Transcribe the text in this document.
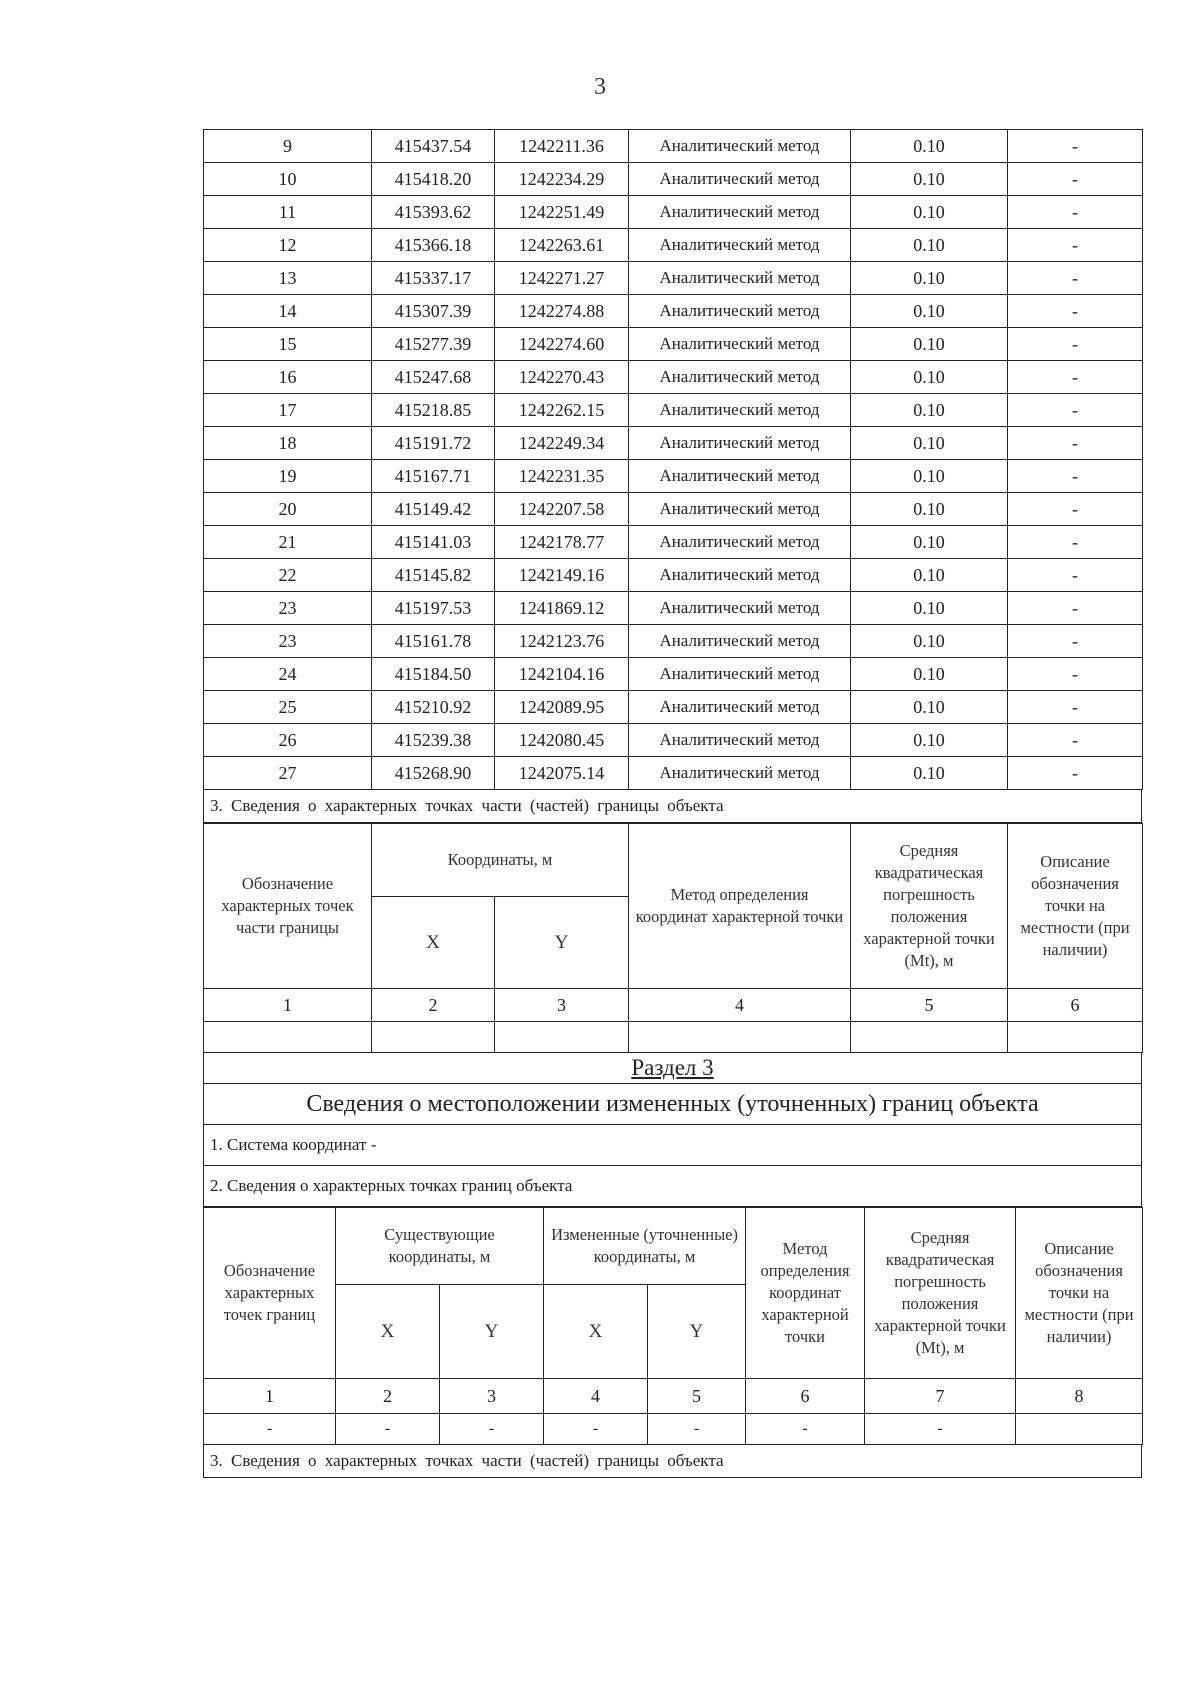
3
9	415437.54	1242211.36	Аналитический метод	0.10	-
10	415418.20	1242234.29	Аналитический метод	0.10	-
11	415393.62	1242251.49	Аналитический метод	0.10	-
12	415366.18	1242263.61	Аналитический метод	0.10	-
13	415337.17	1242271.27	Аналитический метод	0.10	-
14	415307.39	1242274.88	Аналитический метод	0.10	-
15	415277.39	1242274.60	Аналитический метод	0.10	-
16	415247.68	1242270.43	Аналитический метод	0.10	-
17	415218.85	1242262.15	Аналитический метод	0.10	-
18	415191.72	1242249.34	Аналитический метод	0.10	-
19	415167.71	1242231.35	Аналитический метод	0.10	-
20	415149.42	1242207.58	Аналитический метод	0.10	-
21	415141.03	1242178.77	Аналитический метод	0.10	-
22	415145.82	1242149.16	Аналитический метод	0.10	-
23	415197.53	1241869.12	Аналитический метод	0.10	-
23	415161.78	1242123.76	Аналитический метод	0.10	-
24	415184.50	1242104.16	Аналитический метод	0.10	-
25	415210.92	1242089.95	Аналитический метод	0.10	-
26	415239.38	1242080.45	Аналитический метод	0.10	-
27	415268.90	1242075.14	Аналитический метод	0.10	-
3. Сведения о характерных точках части (частей) границы объекта
Обозначение характерных точек части границы	Координаты, м		Метод определения координат характерной точки	Средняя квадратическая погрешность положения характерной точки (Mt), м	Описание обозначения точки на местности (при наличии)
	X	Y			
1	2	3	4	5	6

Раздел 3
Сведения о местоположении измененных (уточненных) границ объекта
1. Система координат -
2. Сведения о характерных точках границ объекта
Обозначение характерных точек границ	Существующие координаты, м		Измененные (уточненные) координаты, м		Метод определения координат характерной точки	Средняя квадратическая погрешность положения характерной точки (Mt), м	Описание обозначения точки на местности (при наличии)
	X	Y	X	Y			
1	2	3	4	5	6	7	8
-	-	-	-	-	-	-	
3. Сведения о характерных точках части (частей) границы объекта
